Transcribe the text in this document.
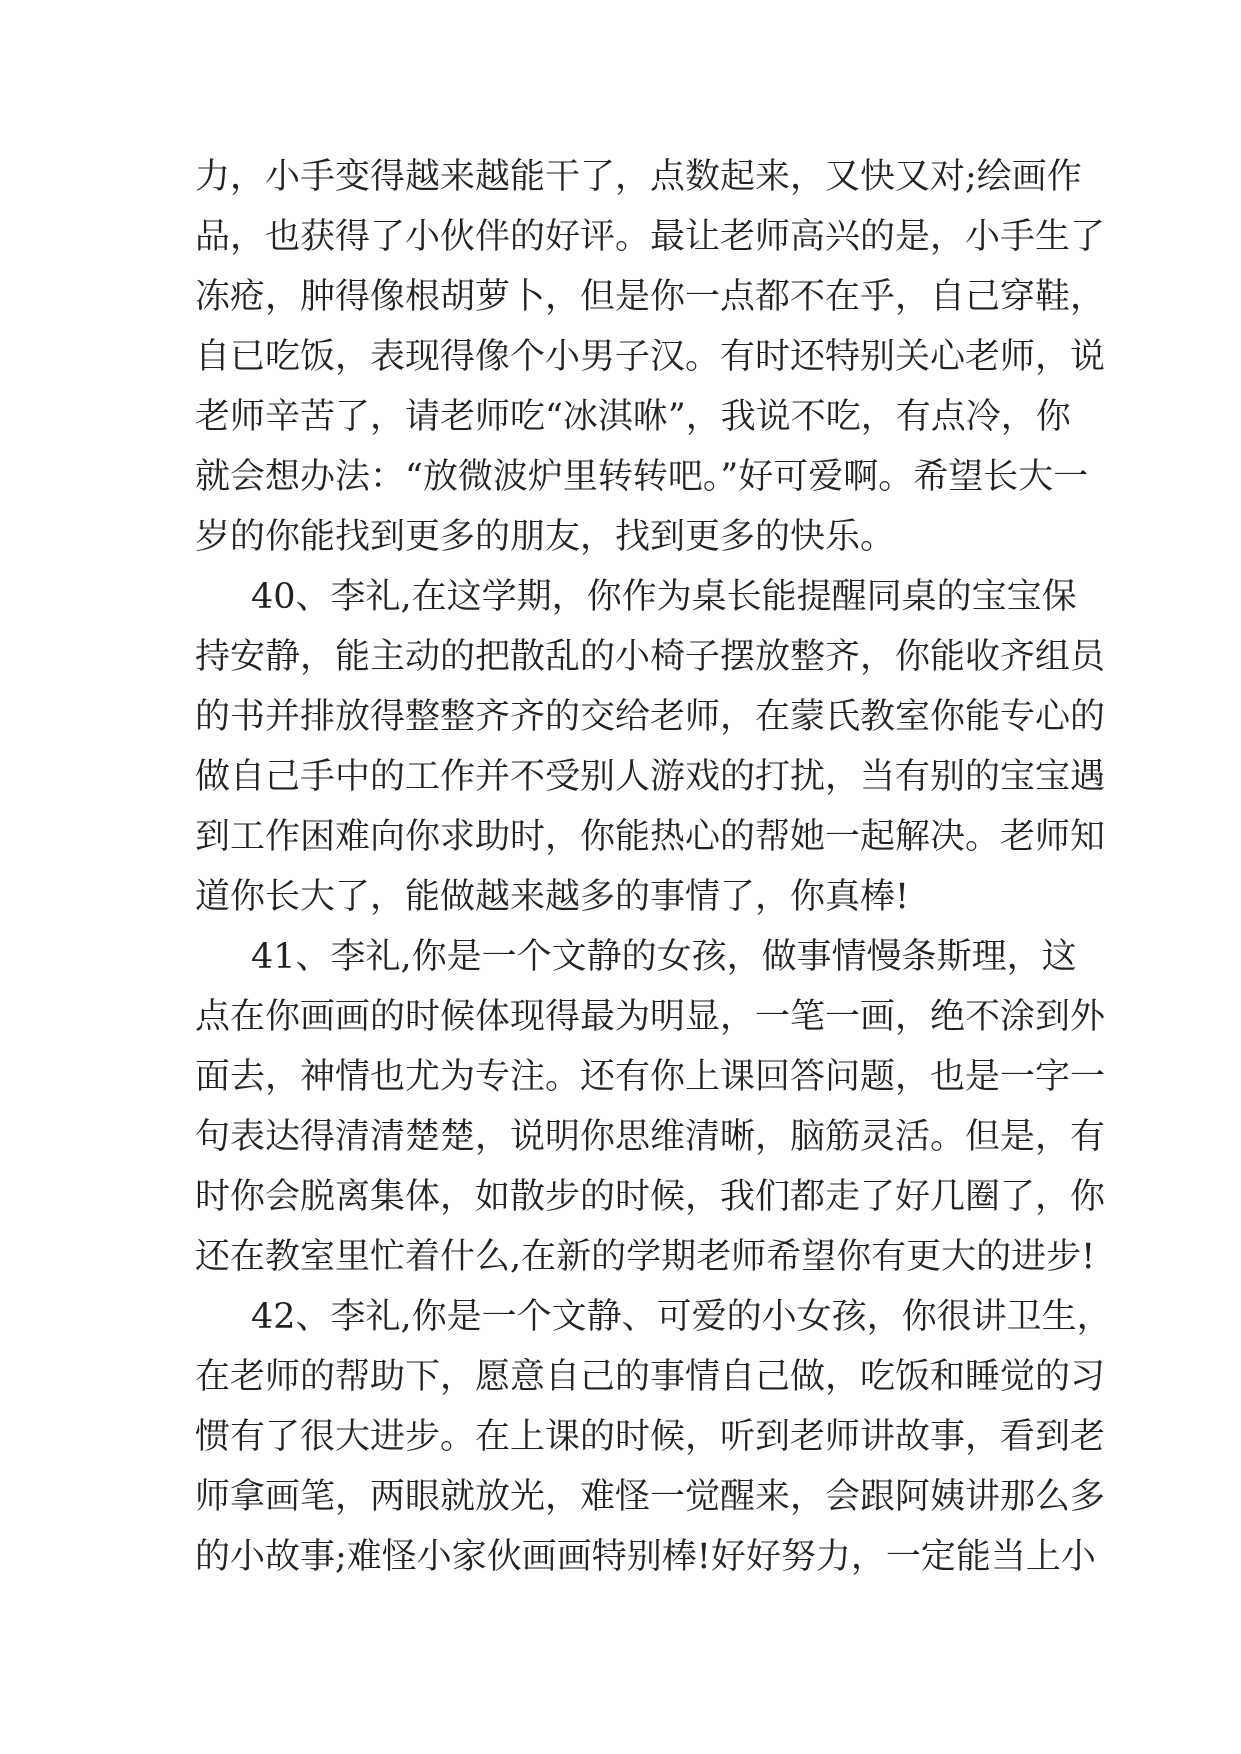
力，小手变得越来越能干了，点数起来，又快又对;绘画作

品，也获得了小伙伴的好评。最让老师高兴的是，小手生了

冻疮，肿得像根胡萝卜，但是你一点都不在乎，自己穿鞋，

自已吃饭，表现得像个小男子汉。有时还特别关心老师，说

老师辛苦了，请老师吃“冰淇咻”，我说不吃，有点冷，你

就会想办法：“放微波炉里转转吧。”好可爱啊。希望长大一

岁的你能找到更多的朋友，找到更多的快乐。

40、李礼,在这学期，你作为桌长能提醒同桌的宝宝保

持安静，能主动的把散乱的小椅子摆放整齐，你能收齐组员

的书并排放得整整齐齐的交给老师，在蒙氏教室你能专心的

做自己手中的工作并不受别人游戏的打扰，当有别的宝宝遇

到工作困难向你求助时，你能热心的帮她一起解决。老师知

道你长大了，能做越来越多的事情了，你真棒!

41、李礼,你是一个文静的女孩，做事情慢条斯理，这

点在你画画的时候体现得最为明显，一笔一画，绝不涂到外

面去，神情也尤为专注。还有你上课回答问题，也是一字一

句表达得清清楚楚，说明你思维清晰，脑筋灵活。但是，有

时你会脱离集体，如散步的时候，我们都走了好几圈了，你

还在教室里忙着什么,在新的学期老师希望你有更大的进步!

42、李礼,你是一个文静、可爱的小女孩，你很讲卫生，

在老师的帮助下，愿意自己的事情自己做，吃饭和睡觉的习

惯有了很大进步。在上课的时候，听到老师讲故事，看到老

师拿画笔，两眼就放光，难怪一觉醒来，会跟阿姨讲那么多

的小故事;难怪小家伙画画特别棒!好好努力，一定能当上小
